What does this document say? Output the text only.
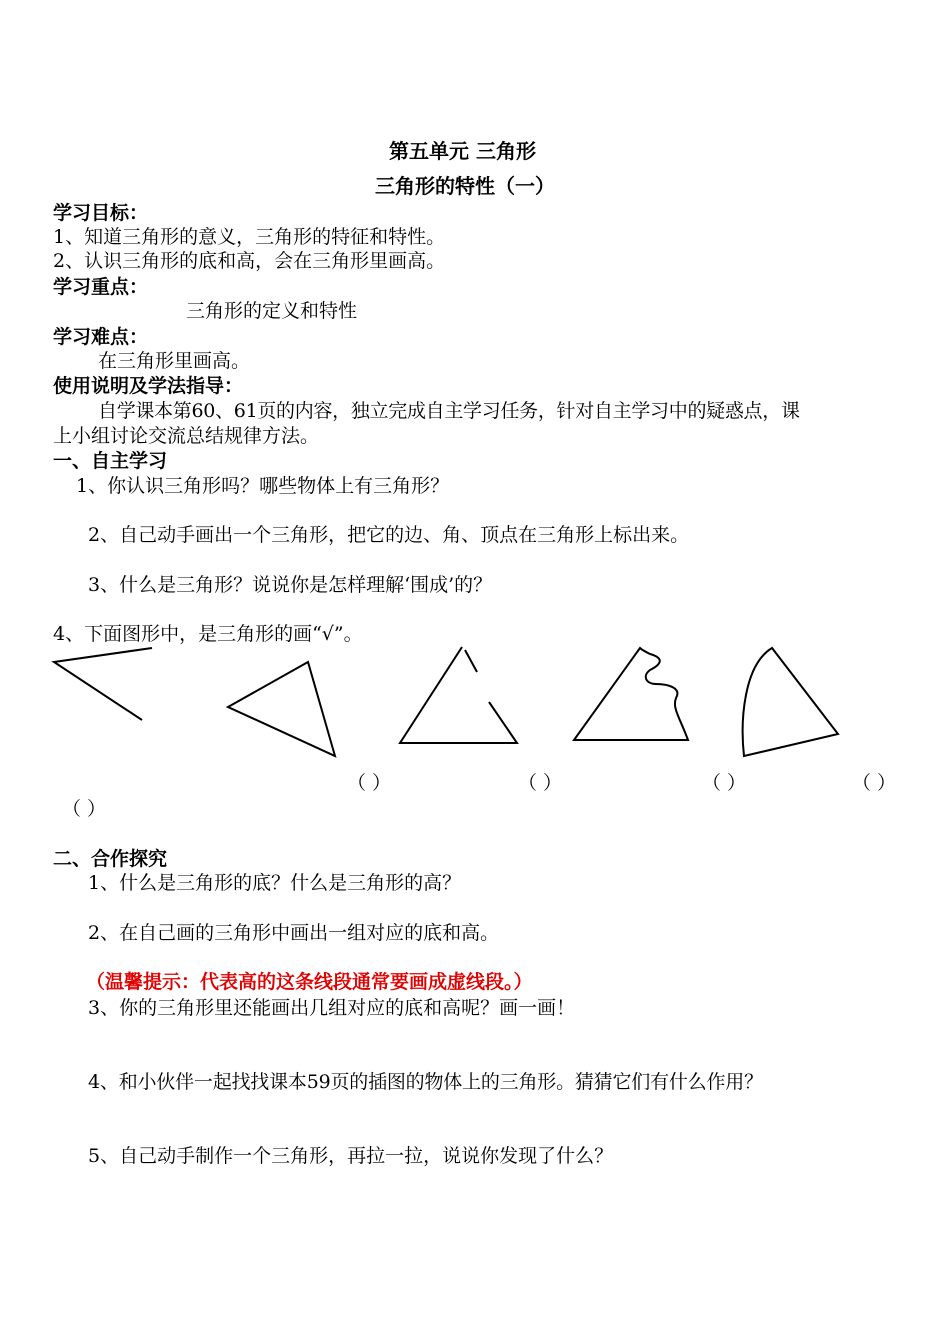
第五单元 三角形
三角形的特性（一）
学习目标：
1、知道三角形的意义，三角形的特征和特性。
2、认识三角形的底和高，会在三角形里画高。
学习重点：
三角形的定义和特性
学习难点：
在三角形里画高。
使用说明及学法指导：
自学课本第60、61页的内容，独立完成自主学习任务，针对自主学习中的疑惑点，课
上小组讨论交流总结规律方法。
一、自主学习
1、你认识三角形吗？哪些物体上有三角形？
2、自己动手画出一个三角形，把它的边、角、顶点在三角形上标出来。
3、什么是三角形？说说你是怎样理解‘围成’的？
4、下面图形中，是三角形的画“√”。
（ ）	（ ）	（ ）	（ ）
（ ）
二、合作探究
1、什么是三角形的底？什么是三角形的高？
2、在自己画的三角形中画出一组对应的底和高。
（温馨提示：代表高的这条线段通常要画成虚线段。）
3、你的三角形里还能画出几组对应的底和高呢？画一画！
4、和小伙伴一起找找课本59页的插图的物体上的三角形。猜猜它们有什么作用？
5、自己动手制作一个三角形，再拉一拉，说说你发现了什么？
